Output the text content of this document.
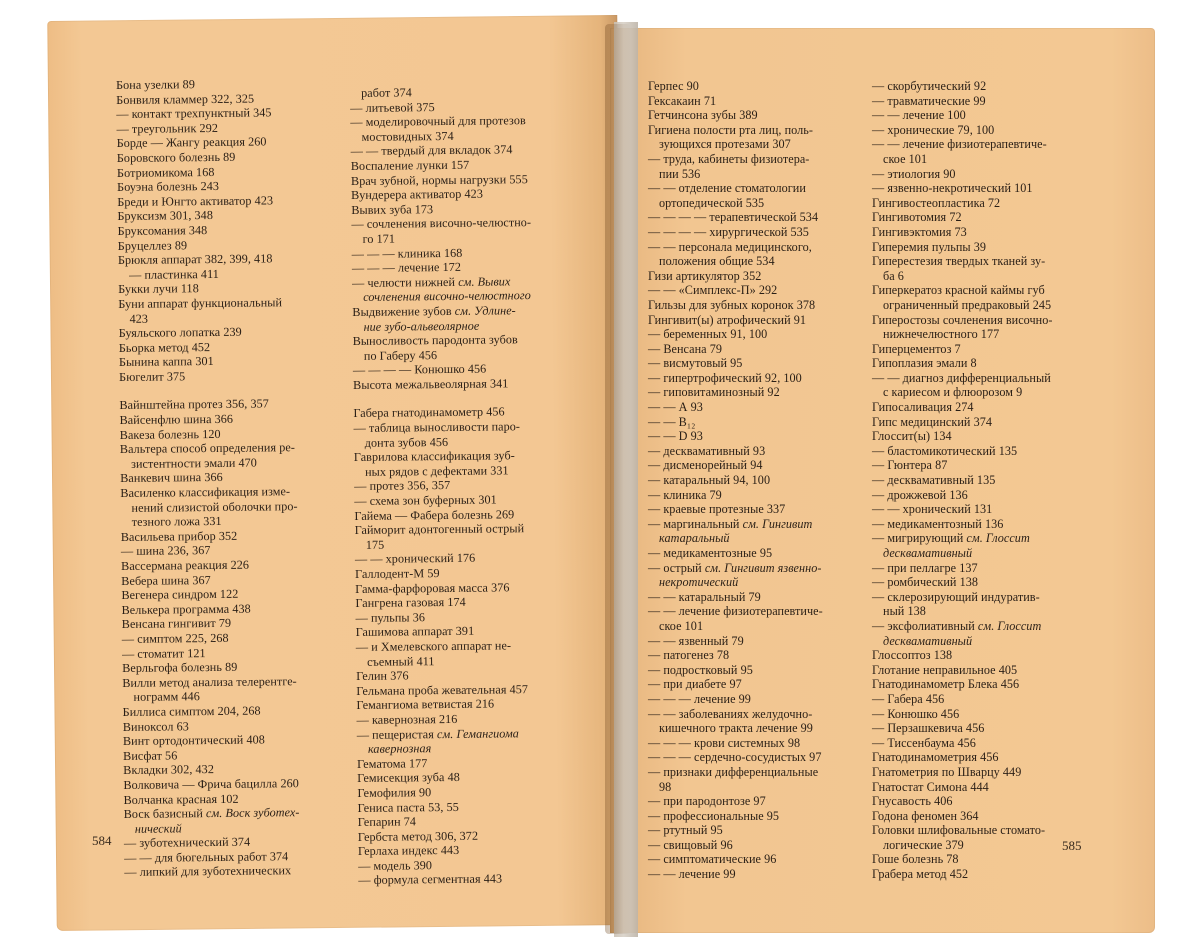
Бона узелки 89
Бонвиля кламмер 322, 325
— контакт трехпунктный 345
— треугольник 292
Борде — Жангу реакция 260
Боровского болезнь 89
Ботриомикома 168
Боуэна болезнь 243
Бреди и Юнгто активатор 423
Бруксизм 301, 348
Бруксомания 348
Бруцеллез 89
Брюкля аппарат 382, 399, 418
— пластинка 411
Букки лучи 118
Буни аппарат функциональный
423
Буяльского лопатка 239
Бьорка метод 452
Бынина каппа 301
Бюгелит 375
Вайнштейна протез 356, 357
Вайсенфлю шина 366
Вакеза болезнь 120
Вальтера способ определения ре-
зистентности эмали 470
Ванкевич шина 366
Василенко классификация изме-
нений слизистой оболочки про-
тезного ложа 331
Васильева прибор 352
— шина 236, 367
Вассермана реакция 226
Вебера шина 367
Вегенера синдром 122
Велькера программа 438
Венсана гингивит 79
— симптом 225, 268
— стоматит 121
Верльгофа болезнь 89
Вилли метод анализа телерентге-
нограмм 446
Биллиса симптом 204, 268
Виноксол 63
Винт ортодонтический 408
Висфат 56
Вкладки 302, 432
Волковича — Фрича бацилла 260
Волчанка красная 102
Воск базисный см. Воск зуботех-
нический
— зуботехнический 374
— — для бюгельных работ 374
— липкий для зуботехнических
работ 374
— литьевой 375
— моделировочный для протезов
мостовидных 374
— — твердый для вкладок 374
Воспаление лунки 157
Врач зубной, нормы нагрузки 555
Вундерера активатор 423
Вывих зуба 173
— сочленения височно-челюстно-
го 171
— — — клиника 168
— — — лечение 172
— челюсти нижней см. Вывих
сочленения височно-челюстного
Выдвижение зубов см. Удлине-
ние зубо-альвеолярное
Выносливость пародонта зубов
по Габеру 456
— — — — Конюшко 456
Высота межальвеолярная 341
Габера гнатодинамометр 456
— таблица выносливости паро-
донта зубов 456
Гаврилова классификация зуб-
ных рядов с дефектами 331
— протез 356, 357
— схема зон буферных 301
Гайема — Фабера болезнь 269
Гайморит адонтогенный острый
175
— — хронический 176
Галлодент-М 59
Гамма-фарфоровая масса 376
Гангрена газовая 174
— пульпы 36
Гашимова аппарат 391
— и Хмелевского аппарат не-
съемный 411
Гелин 376
Гельмана проба жевательная 457
Гемангиома ветвистая 216
— кавернозная 216
— пещеристая см. Гемангиома
кавернозная
Гематома 177
Гемисекция зуба 48
Гемофилия 90
Гениса паста 53, 55
Гепарин 74
Гербста метод 306, 372
Герлаха индекс 443
— модель 390
— формула сегментная 443
Герпес 90
Гексакаин 71
Гетчинсона зубы 389
Гигиена полости рта лиц, поль-
зующихся протезами 307
— труда, кабинеты физиотера-
пии 536
— — отделение стоматологии
ортопедической 535
— — — — терапевтической 534
— — — — хирургической 535
— — персонала медицинского,
положения общие 534
Гизи артикулятор 352
— — «Симплекс-П» 292
Гильзы для зубных коронок 378
Гингивит(ы) атрофический 91
— беременных 91, 100
— Венсана 79
— висмутовый 95
— гипертрофический 92, 100
— гиповитаминозный 92
— — А 93
— — B₁₂
— — D 93
— десквамативный 93
— дисменорейный 94
— катаральный 94, 100
— клиника 79
— краевые протезные 337
— маргинальный см. Гингивит
катаральный
— медикаментозные 95
— острый см. Гингивит язвенно-
некротический
— — катаральный 79
— — лечение физиотерапевтиче-
ское 101
— — язвенный 79
— патогенез 78
— подростковый 95
— при диабете 97
— — — лечение 99
— — заболеваниях желудочно-
кишечного тракта лечение 99
— — — крови системных 98
— — — сердечно-сосудистых 97
— признаки дифференциальные
98
— при пародонтозе 97
— профессиональные 95
— ртутный 95
— свищовый 96
— симптоматические 96
— — лечение 99
— скорбутический 92
— травматические 99
— — лечение 100
— хронические 79, 100
— — лечение физиотерапевтиче-
ское 101
— этиология 90
— язвенно-некротический 101
Гингивостеопластика 72
Гингивотомия 72
Гингивэктомия 73
Гиперемия пульпы 39
Гиперестезия твердых тканей зу-
ба 6
Гиперкератоз красной каймы губ
ограниченный предраковый 245
Гиперостозы сочленения височно-
нижнечелюстного 177
Гиперцементоз 7
Гипоплазия эмали 8
— — диагноз дифференциальный
с кариесом и флюорозом 9
Гипосаливация 274
Гипс медицинский 374
Глоссит(ы) 134
— бластомикотический 135
— Гюнтера 87
— десквамативный 135
— дрожжевой 136
— — хронический 131
— медикаментозный 136
— мигрирующий см. Глоссит
десквамативный
— при пеллагре 137
— ромбический 138
— склерозирующий индуратив-
ный 138
— эксфолиативный см. Глоссит
десквамативный
Глоссоптоз 138
Глотание неправильное 405
Гнатодинамометр Блека 456
— Габера 456
— Конюшко 456
— Перзашкевича 456
— Тиссенбаума 456
Гнатодинамометрия 456
Гнатометрия по Шварцу 449
Гнатостат Симона 444
Гнусавость 406
Годона феномен 364
Головки шлифовальные стомато-
логические 379
Гоше болезнь 78
Грабера метод 452
584	585
